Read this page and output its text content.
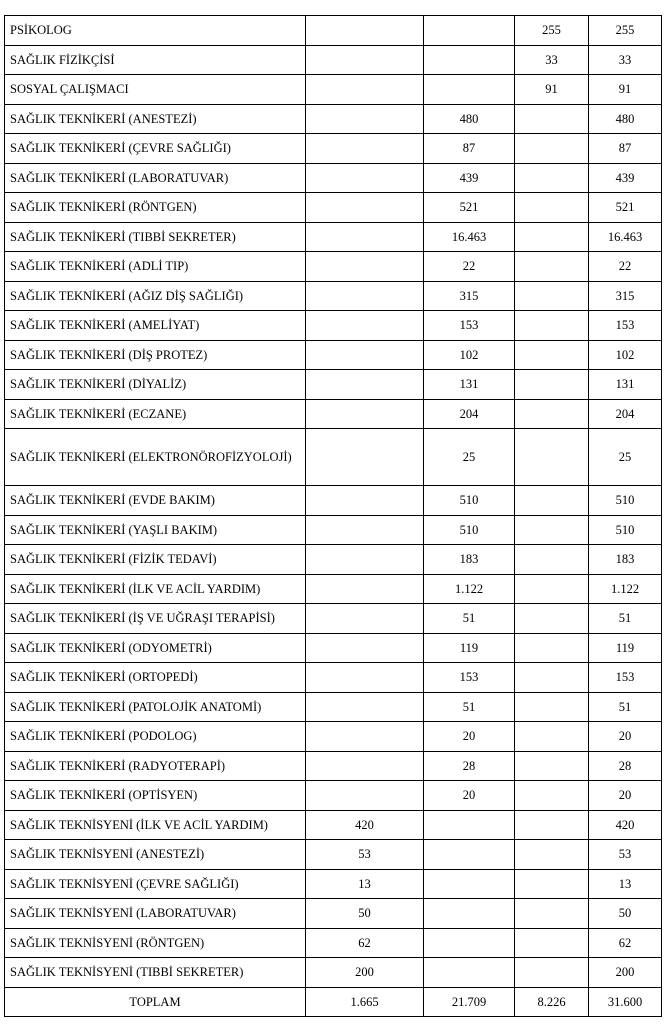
PSİKOLOG			255	255
SAĞLIK FİZİKÇİSİ			33	33
SOSYAL ÇALIŞMACI			91	91
SAĞLIK TEKNİKERİ (ANESTEZİ)		480		480
SAĞLIK TEKNİKERİ (ÇEVRE SAĞLIĞI)		87		87
SAĞLIK TEKNİKERİ (LABORATUVAR)		439		439
SAĞLIK TEKNİKERİ (RÖNTGEN)		521		521
SAĞLIK TEKNİKERİ (TIBBİ SEKRETER)		16.463		16.463
SAĞLIK TEKNİKERİ (ADLİ TIP)		22		22
SAĞLIK TEKNİKERİ (AĞIZ DİŞ SAĞLIĞI)		315		315
SAĞLIK TEKNİKERİ (AMELİYAT)		153		153
SAĞLIK TEKNİKERİ (DİŞ PROTEZ)		102		102
SAĞLIK TEKNİKERİ (DİYALİZ)		131		131
SAĞLIK TEKNİKERİ (ECZANE)		204		204
SAĞLIK TEKNİKERİ (ELEKTRONÖROFİZYOLOJİ)		25		25
SAĞLIK TEKNİKERİ (EVDE BAKIM)		510		510
SAĞLIK TEKNİKERİ (YAŞLI BAKIM)		510		510
SAĞLIK TEKNİKERİ (FİZİK TEDAVİ)		183		183
SAĞLIK TEKNİKERİ (İLK VE ACİL YARDIM)		1.122		1.122
SAĞLIK TEKNİKERİ (İŞ VE UĞRAŞI TERAPİSİ)		51		51
SAĞLIK TEKNİKERİ (ODYOMETRİ)		119		119
SAĞLIK TEKNİKERİ (ORTOPEDİ)		153		153
SAĞLIK TEKNİKERİ (PATOLOJİK ANATOMİ)		51		51
SAĞLIK TEKNİKERİ (PODOLOG)		20		20
SAĞLIK TEKNİKERİ (RADYOTERAPİ)		28		28
SAĞLIK TEKNİKERİ (OPTİSYEN)		20		20
SAĞLIK TEKNİSYENİ (İLK VE ACİL YARDIM)	420			420
SAĞLIK TEKNİSYENİ (ANESTEZİ)	53			53
SAĞLIK TEKNİSYENİ (ÇEVRE SAĞLIĞI)	13			13
SAĞLIK TEKNİSYENİ (LABORATUVAR)	50			50
SAĞLIK TEKNİSYENİ (RÖNTGEN)	62			62
SAĞLIK TEKNİSYENİ (TIBBİ SEKRETER)	200			200
TOPLAM	1.665	21.709	8.226	31.600
